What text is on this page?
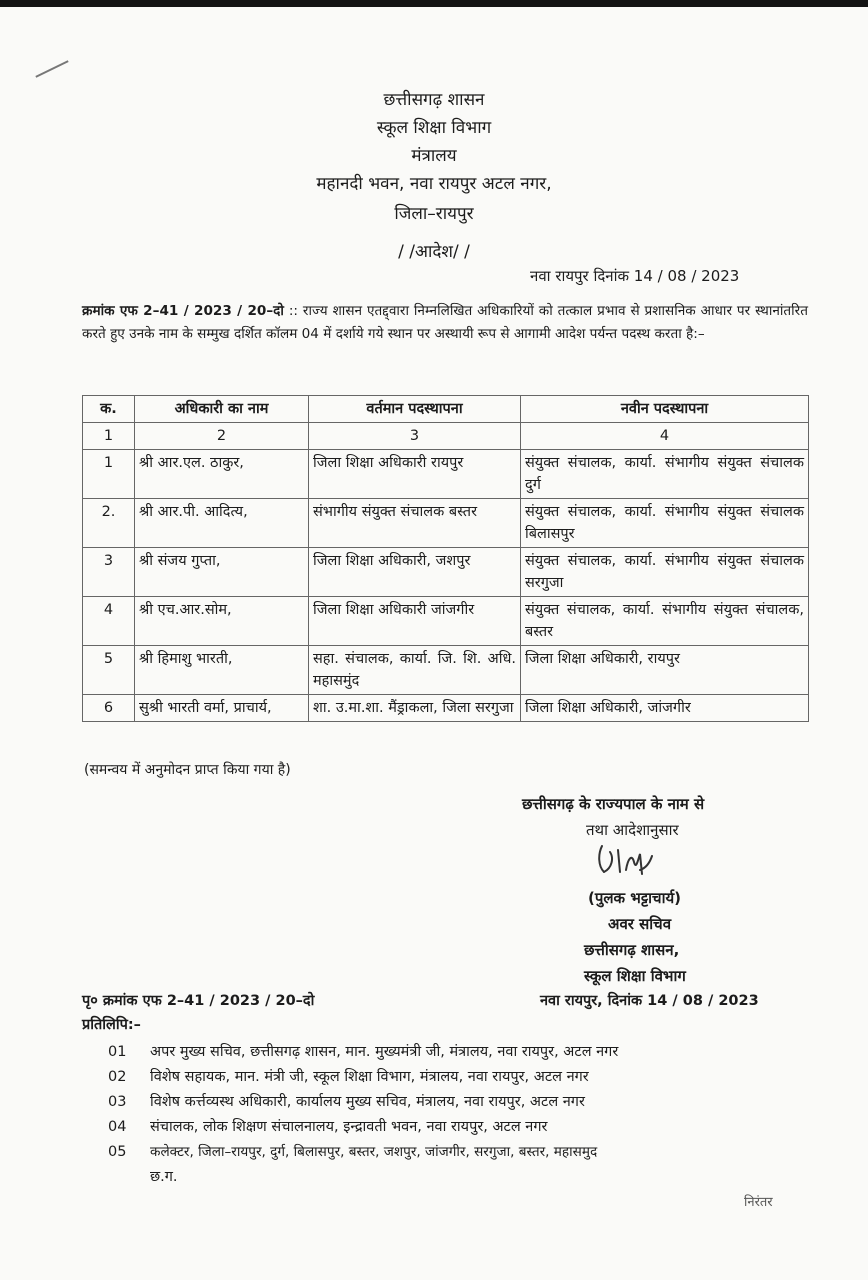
छत्तीसगढ़ शासन
स्कूल शिक्षा विभाग
मंत्रालय
महानदी भवन, नवा रायपुर अटल नगर,
जिला–रायपुर
/ /आदेश/ /
नवा रायपुर दिनांक 14 / 08 / 2023
क्रमांक एफ 2–41 / 2023 / 20–दो :: राज्य शासन एतद्द्वारा निम्नलिखित अधिकारियों को तत्काल प्रभाव से प्रशासनिक आधार पर स्थानांतरित करते हुए उनके नाम के सम्मुख दर्शित कॉलम 04 में दर्शाये गये स्थान पर अस्थायी रूप से आगामी आदेश पर्यन्त पदस्थ करता है:–
क.	अधिकारी का नाम	वर्तमान पदस्थापना	नवीन पदस्थापना
1	2	3	4
1	श्री आर.एल. ठाकुर,	जिला शिक्षा अधिकारी रायपुर	संयुक्त संचालक, कार्या. संभागीय संयुक्त संचालक दुर्ग
2.	श्री आर.पी. आदित्य,	संभागीय संयुक्त संचालक बस्तर	संयुक्त संचालक, कार्या. संभागीय संयुक्त संचालक बिलासपुर
3	श्री संजय गुप्ता,	जिला शिक्षा अधिकारी, जशपुर	संयुक्त संचालक, कार्या. संभागीय संयुक्त संचालक सरगुजा
4	श्री एच.आर.सोम,	जिला शिक्षा अधिकारी जांजगीर	संयुक्त संचालक, कार्या. संभागीय संयुक्त संचालक, बस्तर
5	श्री हिमाशु भारती,	सहा. संचालक, कार्या. जि. शि. अधि. महासमुंद	जिला शिक्षा अधिकारी, रायपुर
6	सुश्री भारती वर्मा, प्राचार्य,	शा. उ.मा.शा. मैंड्राकला, जिला सरगुजा	जिला शिक्षा अधिकारी, जांजगीर
(समन्वय में अनुमोदन प्राप्त किया गया है)
छत्तीसगढ़ के राज्यपाल के नाम से
तथा आदेशानुसार
(पुलक भट्टाचार्य)
अवर सचिव
छत्तीसगढ़ शासन,
स्कूल शिक्षा विभाग
पृ० क्रमांक एफ 2–41 / 2023 / 20–दो	नवा रायपुर, दिनांक 14 / 08 / 2023
प्रतिलिपि:–
01	अपर मुख्य सचिव, छत्तीसगढ़ शासन, मान. मुख्यमंत्री जी, मंत्रालय, नवा रायपुर, अटल नगर
02	विशेष सहायक, मान. मंत्री जी, स्कूल शिक्षा विभाग, मंत्रालय, नवा रायपुर, अटल नगर
03	विशेष कर्त्तव्यस्थ अधिकारी, कार्यालय मुख्य सचिव, मंत्रालय, नवा रायपुर, अटल नगर
04	संचालक, लोक शिक्षण संचालनालय, इन्द्रावती भवन, नवा रायपुर, अटल नगर
05	कलेक्टर, जिला–रायपुर, दुर्ग, बिलासपुर, बस्तर, जशपुर, जांजगीर, सरगुजा, बस्तर, महासमुद
छ.ग.
निरंतर
